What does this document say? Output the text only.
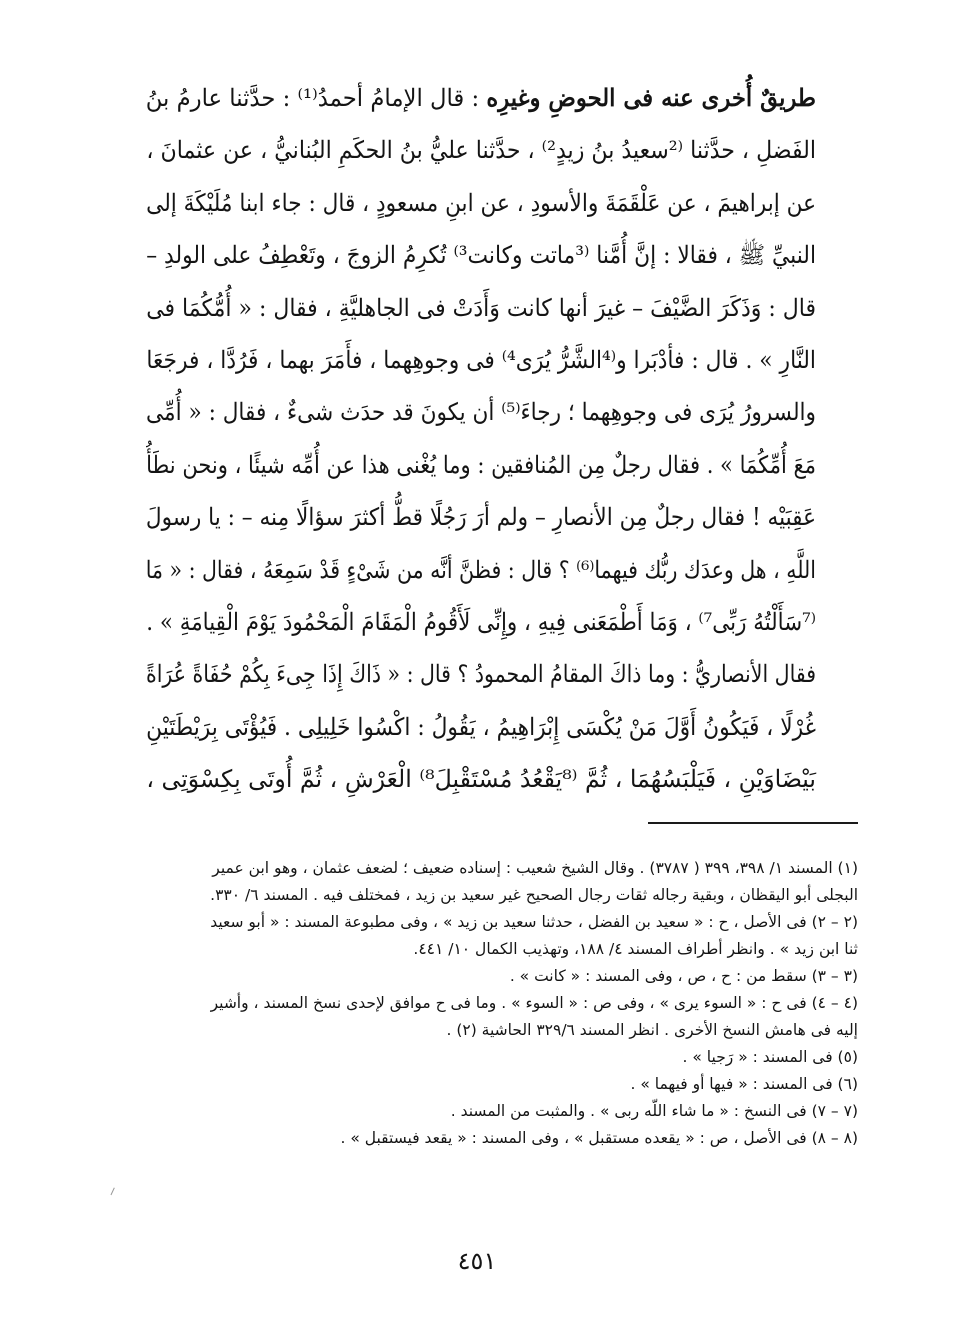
طريقٌ أُخرى عنه فى الحوضِ وغيرِه : قال الإمامُ أحمدُ⁽¹⁾ : حدَّثنا عارمُ بنُ
الفَضلِ ، حدَّثنا ⁽²سعيدُ بنُ زيدٍ²⁾ ، حدَّثنا عليُّ بنُ الحكَمِ البُنانيُّ ، عن عثمانَ ،
عن إبراهيمَ ، عن عَلْقَمَةَ والأسودِ ، عن ابنِ مسعودٍ ، قال : جاء ابنا مُلَيْكَةَ إلى
النبيِّ ﷺ ، فقالا : إنَّ أُمَّنا ⁽³ماتت وكانت³⁾ تُكرِمُ الزوجَ ، وتَعْطِفُ على الولدِ –
قال : وَذَكَرَ الضَّيْفَ – غيرَ أنها كانت وَأَدَتْ فى الجاهليَّةِ ، فقال : « أُمُّكُمَا فى
النَّارِ » . قال : فأدْبَرا و⁽⁴الشَّرُّ يُرَى⁴⁾ فى وجوهِهما ، فأَمَرَ بهما ، فَرُدَّا ، فرجَعَا
والسرورُ يُرَى فى وجوهِهما ؛ رجاءَ⁽⁵⁾ أن يكونَ قد حدَث شىءٌ ، فقال : « أُمِّى
مَعَ أُمِّكُمَا » . فقال رجلٌ مِن المُنافقين : وما يُغْنى هذا عن أُمِّه شيئًا ، ونحن نطَأُ
عَقِبَيْه ! فقال رجلٌ مِن الأنصارِ – ولم أرَ رَجُلًا قطُّ أكثرَ سؤالًا مِنه – : يا رسولَ
اللَّهِ ، هل وعدَك ربُّك فيهما⁽⁶⁾ ؟ قال : فظنَّ أنَّه من شَىْءٍ قَدْ سَمِعَهُ ، فقال : « مَا
⁽⁷سَأَلْتُهُ رَبِّى⁷⁾ ، وَمَا أَطْمَعَنى فِيهِ ، وإِنِّى لَأَقُومُ الْمَقَامَ الْمَحْمُودَ يَوْمَ الْقِيامَةِ » .
فقال الأنصاريُّ : وما ذاكَ المقامُ المحمودُ ؟ قال : « ذَاكَ إِذَا جِىءَ بِكُمْ حُفَاةً عُرَاةً
غُرْلًا ، فَيَكُونُ أَوَّلَ مَنْ يُكْسَى إِبْرَاهِيمُ ، يَقُولُ : اكْسُوا خَلِيلِى . فَيُؤْتَى بِرَيْطَتَيْنِ
بَيْضَاوَيْنِ ، فَيَلْبَسُهُمَا ، ثُمَّ ⁽⁸يَقْعُدُ مُسْتَقْبِلَ⁸⁾ الْعَرْشِ ، ثُمَّ أُوتَى بِكِسْوَتِى ،
(١) المسند ١/ ٣٩٨، ٣٩٩ ( ٣٧٨٧) . وقال الشيخ شعيب : إسناده ضعيف ؛ لضعف عثمان ، وهو ابن عمير
البجلى أبو اليقظان ، وبقية رجاله ثقات رجال الصحيح غير سعيد بن زيد ، فمختلف فيه . المسند ٦/ ٣٣٠.
(٢ – ٢) فى الأصل ، ح : « سعيد بن الفضل ، حدثنا سعيد بن زيد » ، وفى مطبوعة المسند : « أبو سعيد
ثنا ابن زيد » . وانظر أطراف المسند ٤/ ١٨٨، وتهذيب الكمال ١٠/ ٤٤١.
(٣ – ٣) سقط من : ح ، ص ، وفى المسند : « كانت » .
(٤ – ٤) فى ح : « السوء يرى » ، وفى ص : « السوء » . وما فى ح موافق لإحدى نسخ المسند ، وأشير
إليه فى هامش النسخ الأخرى . انظر المسند ٣٢٩/٦ الحاشية (٢) .
(٥) فى المسند : « رَجيا » .
(٦) فى المسند : « فيها أو فيهما » .
(٧ – ٧) فى النسخ : « ما شاء اللّه ربى » . والمثبت من المسند .
(٨ – ٨) فى الأصل ، ص : « يقعده مستقبل » ، وفى المسند : « يقعد فيستقبل » .
٤٥١
